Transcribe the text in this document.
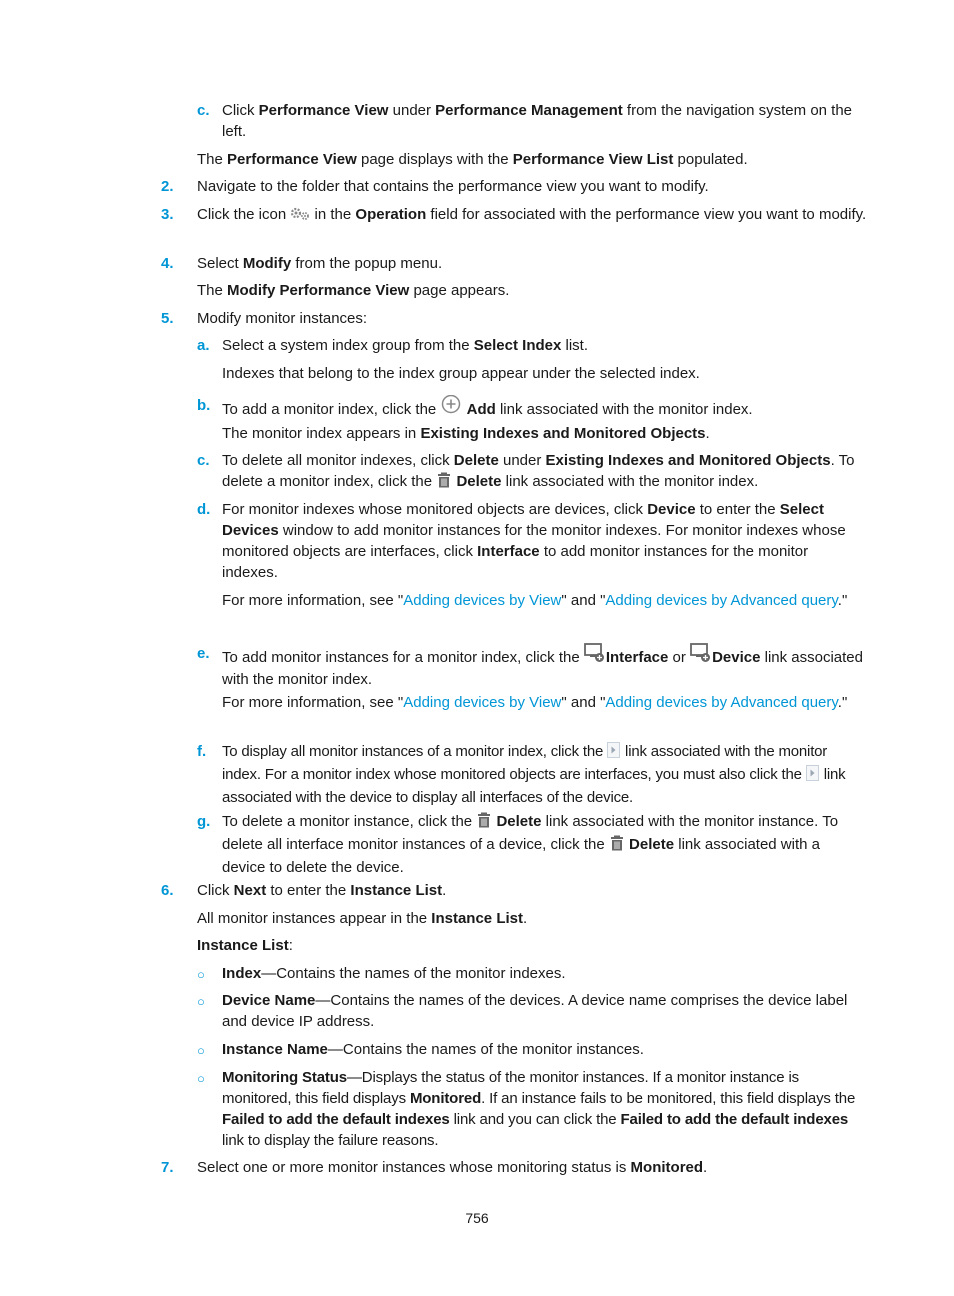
c. Click Performance View under Performance Management from the navigation system on the left.
The Performance View page displays with the Performance View List populated.
2. Navigate to the folder that contains the performance view you want to modify.
3. Click the icon  in the Operation field for associated with the performance view you want to modify.
4. Select Modify from the popup menu.
The Modify Performance View page appears.
5. Modify monitor instances:
a. Select a system index group from the Select Index list.
Indexes that belong to the index group appear under the selected index.
b. To add a monitor index, click the  Add link associated with the monitor index.
The monitor index appears in Existing Indexes and Monitored Objects.
c. To delete all monitor indexes, click Delete under Existing Indexes and Monitored Objects. To delete a monitor index, click the  Delete link associated with the monitor index.
d. For monitor indexes whose monitored objects are devices, click Device to enter the Select Devices window to add monitor instances for the monitor indexes. For monitor indexes whose monitored objects are interfaces, click Interface to add monitor instances for the monitor indexes.
For more information, see "Adding devices by View" and "Adding devices by Advanced query."
e. To add monitor instances for a monitor index, click the Interface or Device link associated with the monitor index.
For more information, see "Adding devices by View" and "Adding devices by Advanced query."
f. To display all monitor instances of a monitor index, click the  link associated with the monitor index. For a monitor index whose monitored objects are interfaces, you must also click the  link associated with the device to display all interfaces of the device.
g. To delete a monitor instance, click the  Delete link associated with the monitor instance. To delete all interface monitor instances of a device, click the  Delete link associated with a device to delete the device.
6. Click Next to enter the Instance List.
All monitor instances appear in the Instance List.
Instance List:
○ Index—Contains the names of the monitor indexes.
○ Device Name—Contains the names of the devices. A device name comprises the device label and device IP address.
○ Instance Name—Contains the names of the monitor instances.
○ Monitoring Status—Displays the status of the monitor instances. If a monitor instance is monitored, this field displays Monitored. If an instance fails to be monitored, this field displays the Failed to add the default indexes link and you can click the Failed to add the default indexes link to display the failure reasons.
7. Select one or more monitor instances whose monitoring status is Monitored.
756
